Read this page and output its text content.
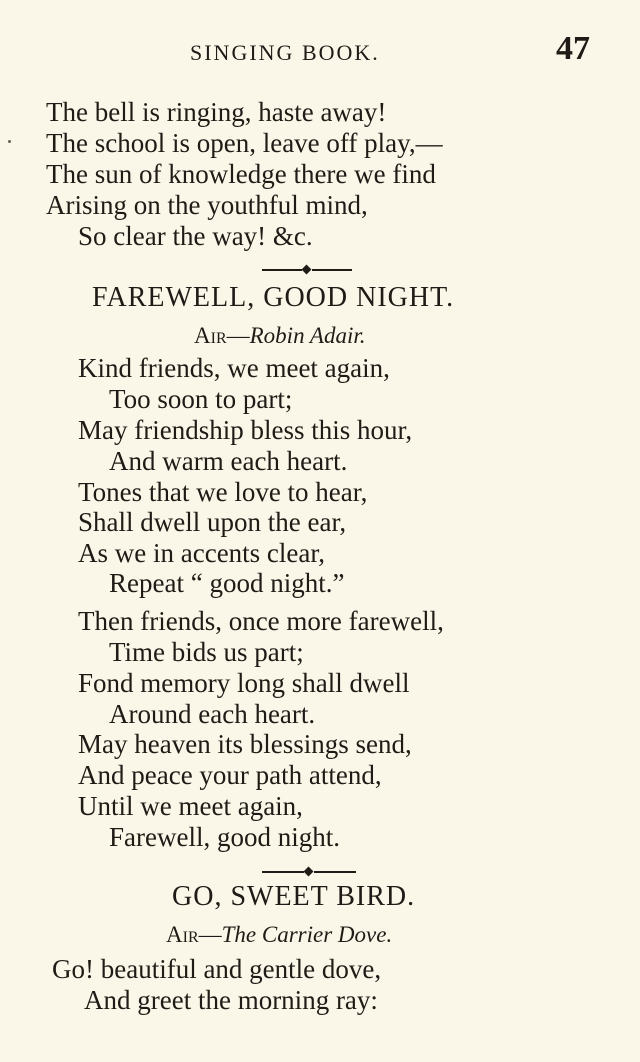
SINGING BOOK.	47
The bell is ringing, haste away!
The school is open, leave off play,—
The sun of knowledge there we find
Arising on the youthful mind,
So clear the way! &c.
FAREWELL, GOOD NIGHT.
Air—Robin Adair.
Kind friends, we meet again,
Too soon to part;
May friendship bless this hour,
And warm each heart.
Tones that we love to hear,
Shall dwell upon the ear,
As we in accents clear,
Repeat “ good night.”
Then friends, once more farewell,
Time bids us part;
Fond memory long shall dwell
Around each heart.
May heaven its blessings send,
And peace your path attend,
Until we meet again,
Farewell, good night.
GO, SWEET BIRD.
Air—The Carrier Dove.
Go! beautiful and gentle dove,
And greet the morning ray:
